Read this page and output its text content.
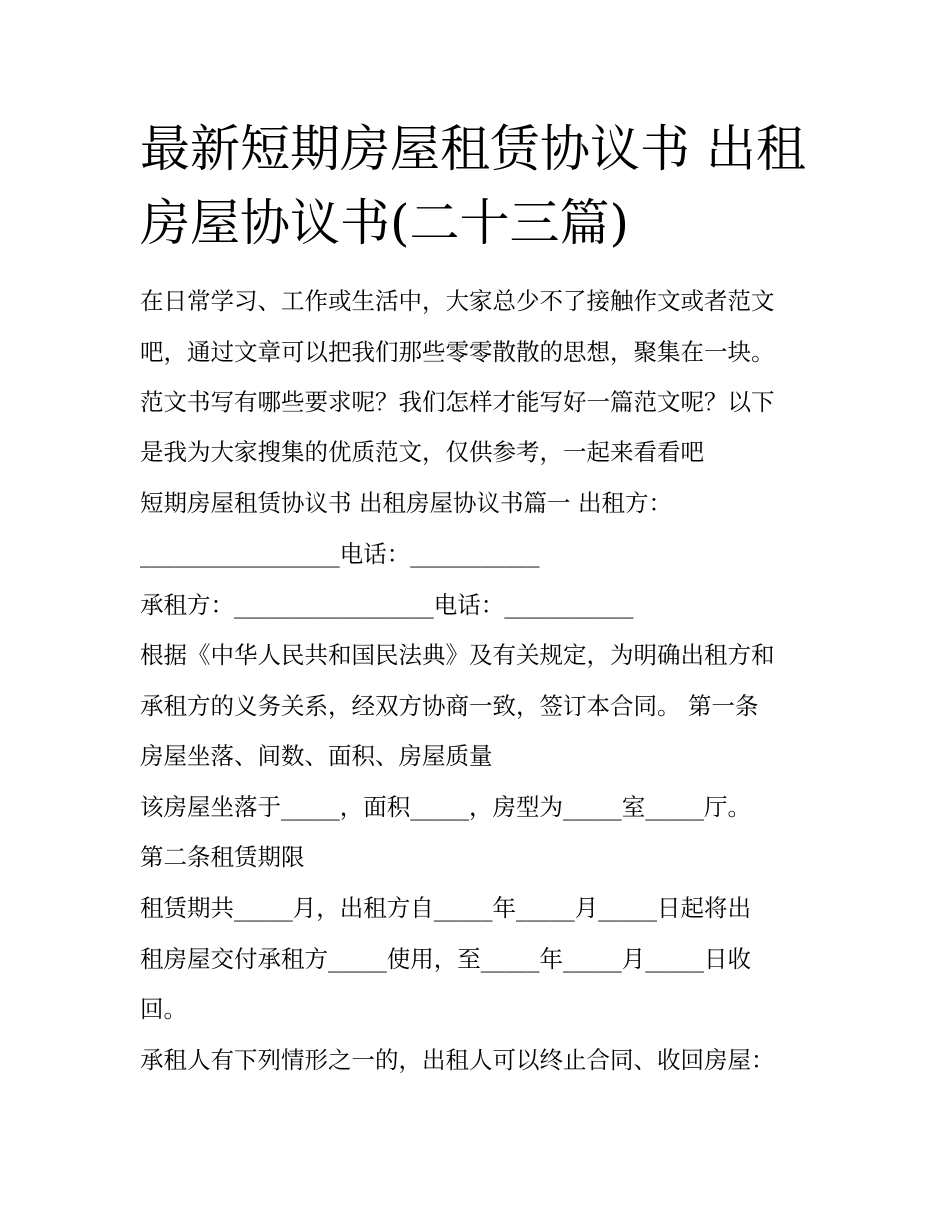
最新短期房屋租赁协议书 出租
房屋协议书(二十三篇)

在日常学习、工作或生活中，大家总少不了接触作文或者范文

吧，通过文章可以把我们那些零零散散的思想，聚集在一块。

范文书写有哪些要求呢？我们怎样才能写好一篇范文呢？以下

是我为大家搜集的优质范文，仅供参考，一起来看看吧

短期房屋租赁协议书 出租房屋协议书篇一 出租方：

_________________电话：___________

承租方：_________________电话：___________

根据《中华人民共和国民法典》及有关规定，为明确出租方和

承租方的义务关系，经双方协商一致，签订本合同。 第一条

房屋坐落、间数、面积、房屋质量

该房屋坐落于_____，面积_____，房型为_____室_____厅。

第二条租赁期限

租赁期共_____月，出租方自_____年_____月_____日起将出

租房屋交付承租方_____使用，至_____年_____月_____日收

回。

承租人有下列情形之一的，出租人可以终止合同、收回房屋：
